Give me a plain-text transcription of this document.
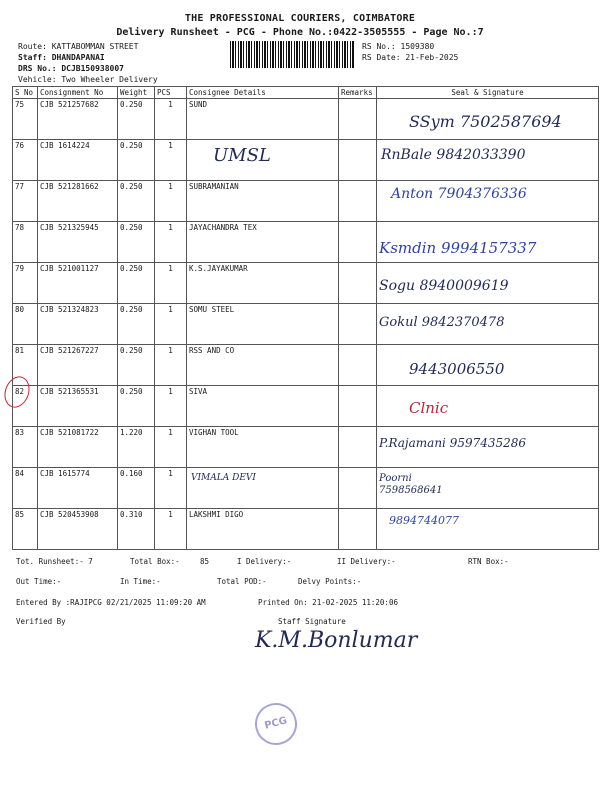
THE PROFESSIONAL COURIERS, COIMBATORE
Delivery Runsheet - PCG - Phone No.:0422-3505555 - Page No.:7
Route: KATTABOMMAN STREET
Staff: DHANDAPANAI
DRS No.: DCJB150938007
Vehicle: Two Wheeler Delivery
RS No.: 1509380
RS Date: 21-Feb-2025
S No	Consignment No	Weight	PCS	Consignee Details	Remarks	Seal & Signature
75	CJB 521257682	0.250	1	SUND		SSym 7502587694

76	CJB 1614224	0.250	1	UMSL		RnBale 9842033390

77	CJB 521281662	0.250	1	SUBRAMANIAN		Anton 7904376336

78	CJB 521325945	0.250	1	JAYACHANDRA TEX		Ksmdin 9994157337

79	CJB 521001127	0.250	1	K.S.JAYAKUMAR		Sogu 8940009619

80	CJB 521324823	0.250	1	SOMU STEEL		Gokul 9842370478

81	CJB 521267227	0.250	1	RSS AND CO		9443006550

82	CJB 521365531	0.250	1	SIVA		Clnic

83	CJB 521081722	1.220	1	VIGHAN TOOL		P.Rajamani 9597435286

84	CJB 1615774	0.160	1	VIMALA DEVI		Poorni 7598568641

85	CJB 520453908	0.310	1	LAKSHMI DIGO		9894744077
Tot. Runsheet:- 7	Total Box:-	85	I Delivery:-	II Delivery:-	RTN Box:-
Out Time:-	In Time:-	Total POD:-	Delvy Points:-
Entered By :RAJIPCG 02/21/2025 11:09:20 AM	Printed On: 21-02-2025 11:20:06
Verified By	Staff Signature
K.M.Bonlumar
PCG
